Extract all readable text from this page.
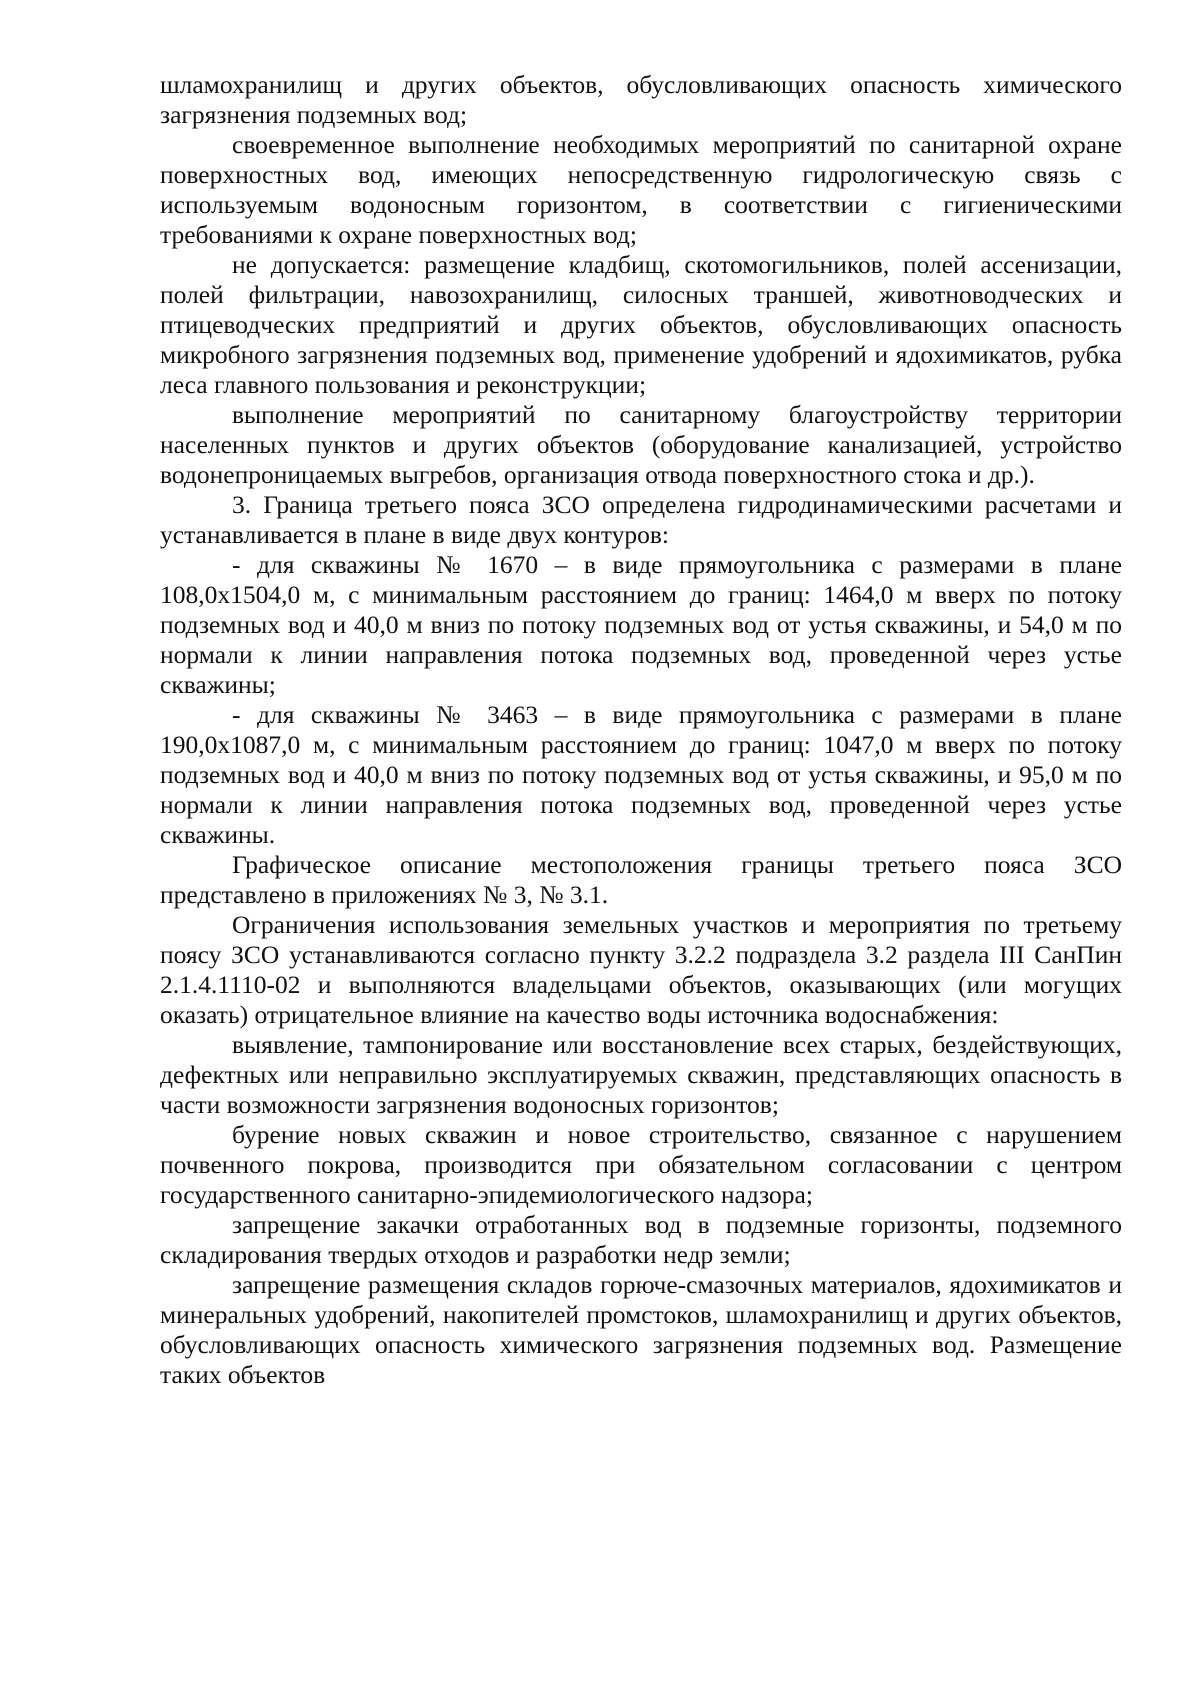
шламохранилищ и других объектов, обусловливающих опасность химического загрязнения подземных вод;

своевременное выполнение необходимых мероприятий по санитарной охране поверхностных вод, имеющих непосредственную гидрологическую связь с используемым водоносным горизонтом, в соответствии с гигиеническими требованиями к охране поверхностных вод;

не допускается: размещение кладбищ, скотомогильников, полей ассенизации, полей фильтрации, навозохранилищ, силосных траншей, животноводческих и птицеводческих предприятий и других объектов, обусловливающих опасность микробного загрязнения подземных вод, применение удобрений и ядохимикатов, рубка леса главного пользования и реконструкции;

выполнение мероприятий по санитарному благоустройству территории населенных пунктов и других объектов (оборудование канализацией, устройство водонепроницаемых выгребов, организация отвода поверхностного стока и др.).

3. Граница третьего пояса ЗСО определена гидродинамическими расчетами и устанавливается в плане в виде двух контуров:

- для скважины № 1670 – в виде прямоугольника с размерами в плане 108,0х1504,0 м, с минимальным расстоянием до границ: 1464,0 м вверх по потоку подземных вод и 40,0 м вниз по потоку подземных вод от устья скважины, и 54,0 м по нормали к линии направления потока подземных вод, проведенной через устье скважины;

- для скважины № 3463 – в виде прямоугольника с размерами в плане 190,0х1087,0 м, с минимальным расстоянием до границ: 1047,0 м вверх по потоку подземных вод и 40,0 м вниз по потоку подземных вод от устья скважины, и 95,0 м по нормали к линии направления потока подземных вод, проведенной через устье скважины.

Графическое описание местоположения границы третьего пояса ЗСО представлено в приложениях № 3, № 3.1.

Ограничения использования земельных участков и мероприятия по третьему поясу ЗСО устанавливаются согласно пункту 3.2.2 подраздела 3.2 раздела III СанПин 2.1.4.1110-02 и выполняются владельцами объектов, оказывающих (или могущих оказать) отрицательное влияние на качество воды источника водоснабжения:

выявление, тампонирование или восстановление всех старых, бездействующих, дефектных или неправильно эксплуатируемых скважин, представляющих опасность в части возможности загрязнения водоносных горизонтов;

бурение новых скважин и новое строительство, связанное с нарушением почвенного покрова, производится при обязательном согласовании с центром государственного санитарно-эпидемиологического надзора;

запрещение закачки отработанных вод в подземные горизонты, подземного складирования твердых отходов и разработки недр земли;

запрещение размещения складов горюче-смазочных материалов, ядохимикатов и минеральных удобрений, накопителей промстоков, шламохранилищ и других объектов, обусловливающих опасность химического загрязнения подземных вод. Размещение таких объектов
